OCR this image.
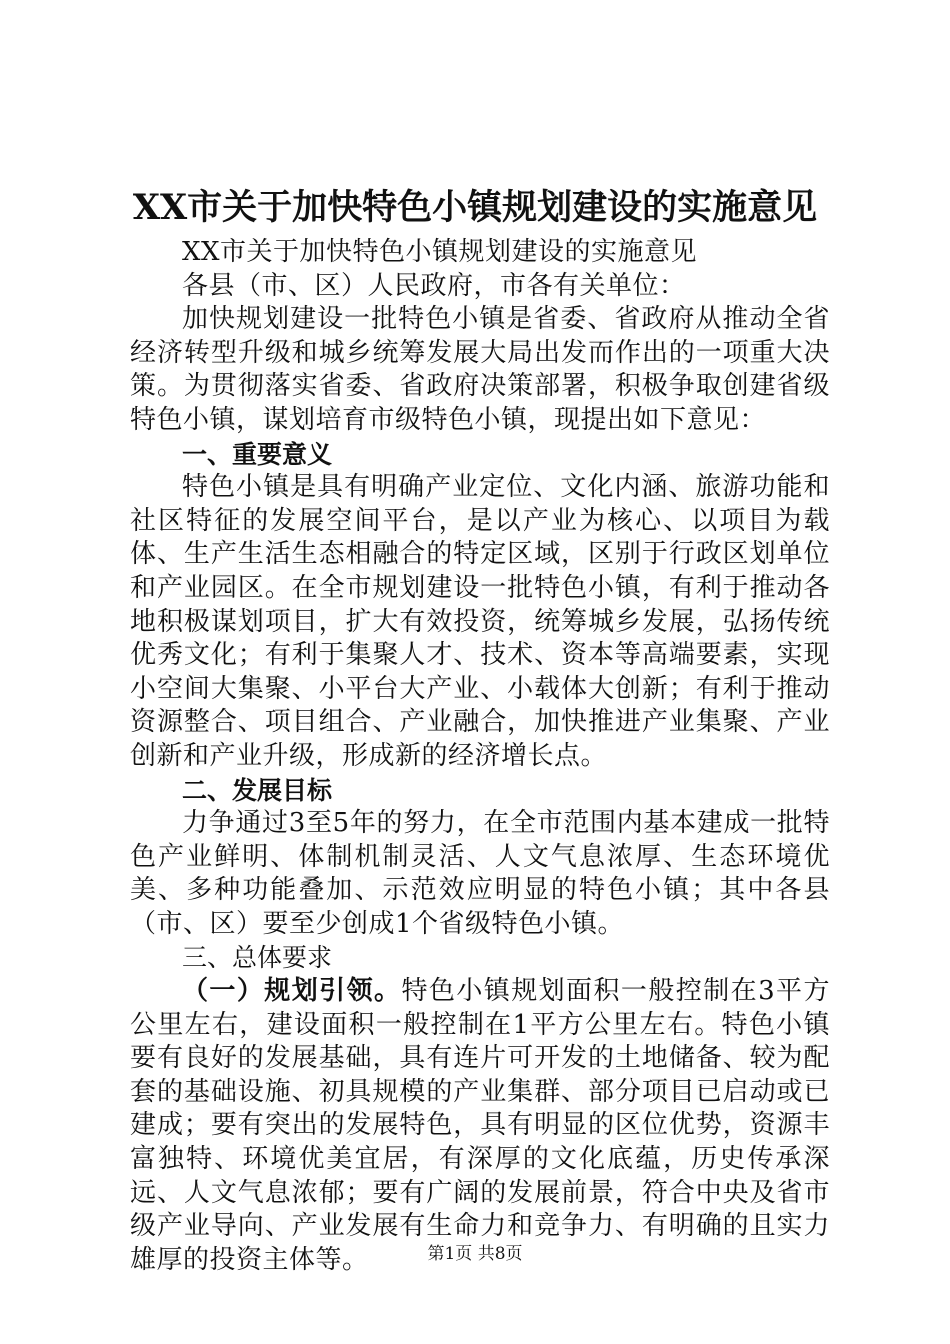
XX市关于加快特色小镇规划建设的实施意见

XX市关于加快特色小镇规划建设的实施意见

各县（市、区）人民政府，市各有关单位：

加快规划建设一批特色小镇是省委、省政府从推动全省经济转型升级和城乡统筹发展大局出发而作出的一项重大决策。为贯彻落实省委、省政府决策部署，积极争取创建省级特色小镇，谋划培育市级特色小镇，现提出如下意见：

一、重要意义

特色小镇是具有明确产业定位、文化内涵、旅游功能和社区特征的发展空间平台，是以产业为核心、以项目为载体、生产生活生态相融合的特定区域，区别于行政区划单位和产业园区。在全市规划建设一批特色小镇，有利于推动各地积极谋划项目，扩大有效投资，统筹城乡发展，弘扬传统优秀文化；有利于集聚人才、技术、资本等高端要素，实现小空间大集聚、小平台大产业、小载体大创新；有利于推动资源整合、项目组合、产业融合，加快推进产业集聚、产业创新和产业升级，形成新的经济增长点。

二、发展目标

力争通过3至5年的努力，在全市范围内基本建成一批特色产业鲜明、体制机制灵活、人文气息浓厚、生态环境优美、多种功能叠加、示范效应明显的特色小镇；其中各县（市、区）要至少创成1个省级特色小镇。

三、总体要求

（一）规划引领。特色小镇规划面积一般控制在3平方公里左右，建设面积一般控制在1平方公里左右。特色小镇要有良好的发展基础，具有连片可开发的土地储备、较为配套的基础设施、初具规模的产业集群、部分项目已启动或已建成；要有突出的发展特色，具有明显的区位优势，资源丰富独特、环境优美宜居，有深厚的文化底蕴，历史传承深远、人文气息浓郁；要有广阔的发展前景，符合中央及省市级产业导向、产业发展有生命力和竞争力、有明确的且实力雄厚的投资主体等。	第1页 共8页
